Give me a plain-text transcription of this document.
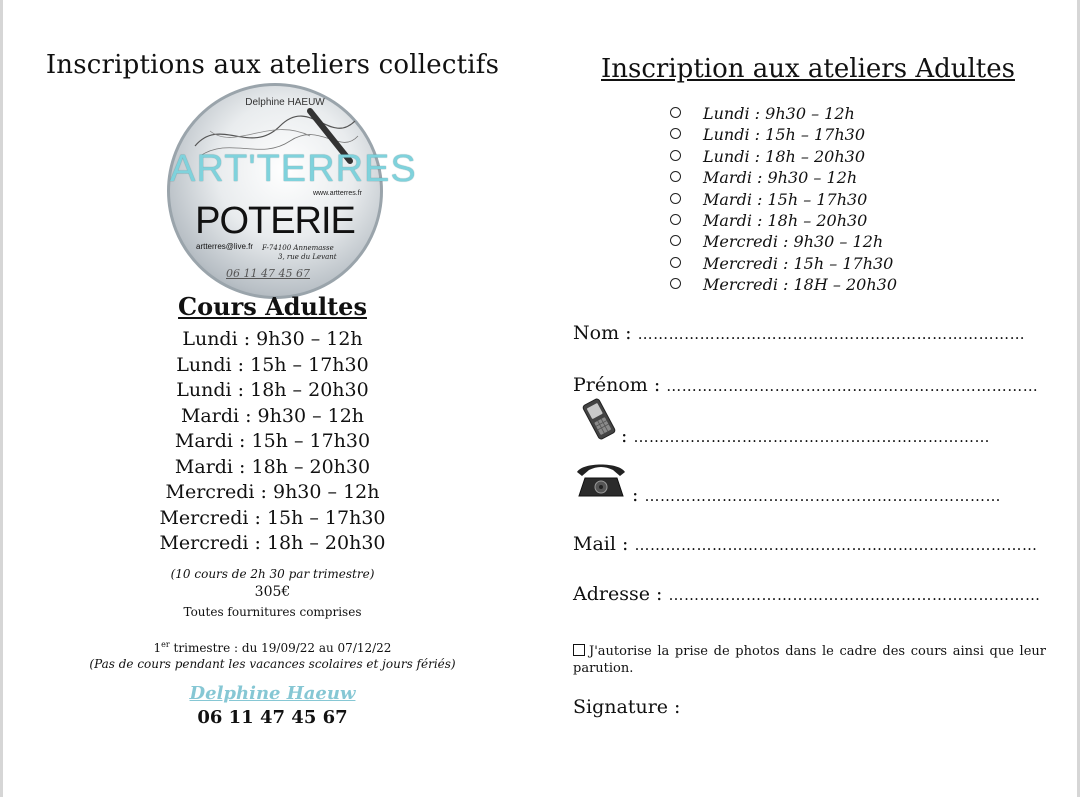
Inscriptions aux ateliers collectifs
Delphine HAEUW
ART'TERRES
www.artterres.fr
POTERIE
artterres@live.fr F-74100 Annemasse
3, rue du Levant
06 11 47 45 67
Cours Adultes
Lundi : 9h30 – 12h
Lundi : 15h – 17h30
Lundi : 18h – 20h30
Mardi : 9h30 – 12h
Mardi : 15h – 17h30
Mardi : 18h – 20h30
Mercredi : 9h30 – 12h
Mercredi : 15h – 17h30
Mercredi : 18h – 20h30
(10 cours de 2h 30 par trimestre)
305€
Toutes fournitures comprises
1er trimestre : du 19/09/22 au 07/12/22
(Pas de cours pendant les vacances scolaires et jours fériés)
Delphine Haeuw
06 11 47 45 67
Inscription aux ateliers Adultes
Lundi : 9h30 – 12h
Lundi : 15h – 17h30
Lundi : 18h – 20h30
Mardi : 9h30 – 12h
Mardi : 15h – 17h30
Mardi : 18h – 20h30
Mercredi : 9h30 – 12h
Mercredi : 15h – 17h30
Mercredi : 18H – 20h30
Nom : …………………………………………………………………
Prénom : ………………………………………………………………
: ……………………………………………………………
: ……………………………………………………………
Mail : ……………………………………………………………………
Adresse : ………………………………………………………………
J'autorise la prise de photos dans le cadre des cours ainsi que leur parution.
Signature :
